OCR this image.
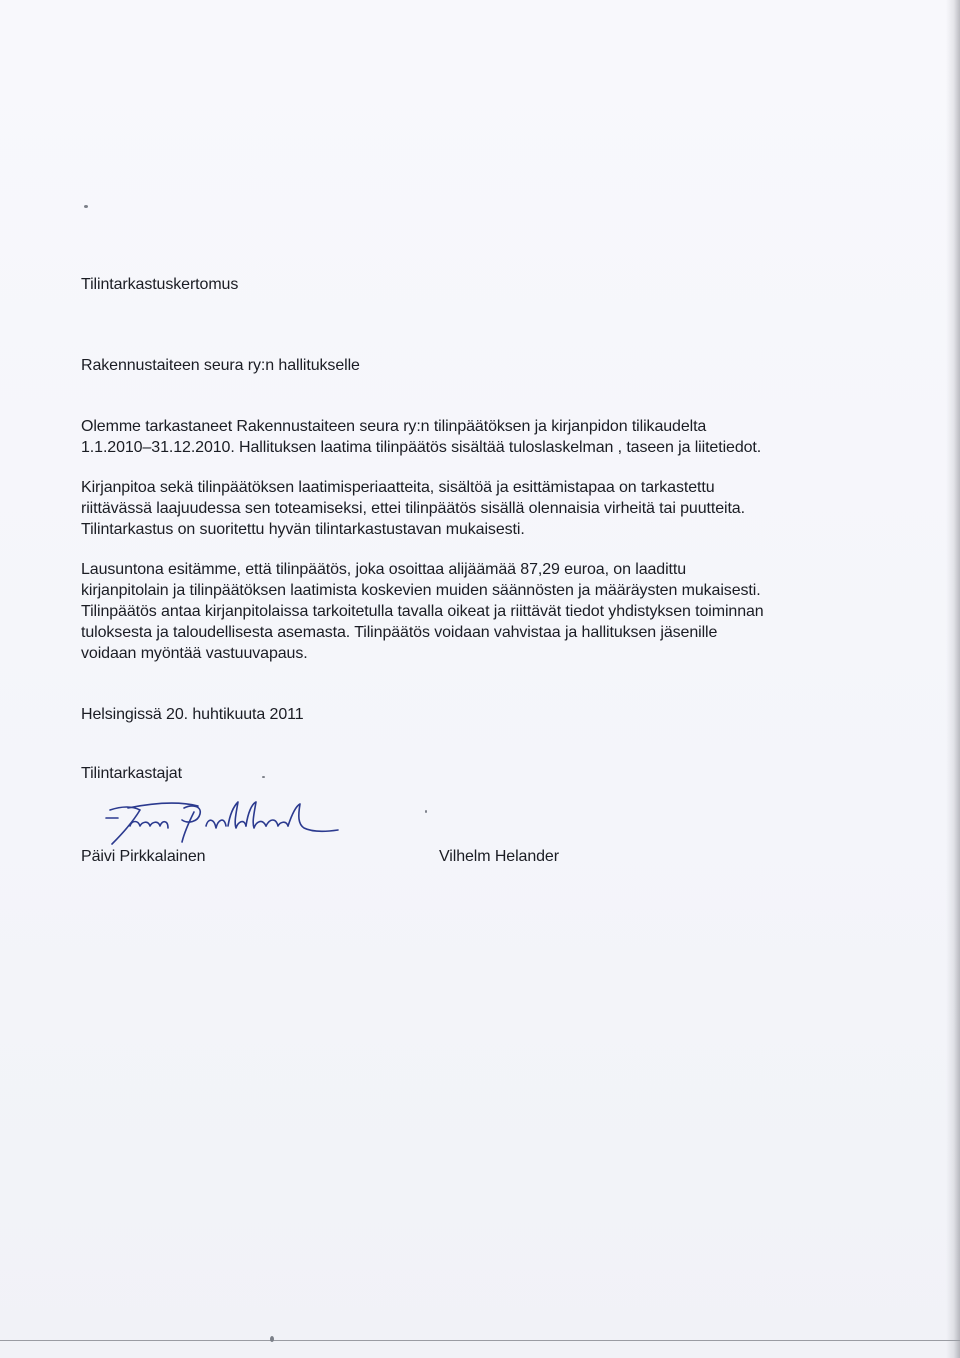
Tilintarkastuskertomus
Rakennustaiteen seura ry:n hallitukselle
Olemme tarkastaneet Rakennustaiteen seura ry:n tilinpäätöksen ja kirjanpidon tilikaudelta
1.1.2010–31.12.2010. Hallituksen laatima tilinpäätös sisältää tuloslaskelman , taseen ja liitetiedot.
Kirjanpitoa sekä tilinpäätöksen laatimisperiaatteita, sisältöä ja esittämistapaa on tarkastettu
riittävässä laajuudessa sen toteamiseksi, ettei tilinpäätös sisällä olennaisia virheitä tai puutteita.
Tilintarkastus on suoritettu hyvän tilintarkastustavan mukaisesti.
Lausuntona esitämme, että tilinpäätös, joka osoittaa alijäämää 87,29 euroa, on laadittu
kirjanpitolain ja tilinpäätöksen laatimista koskevien muiden säännösten ja määräysten mukaisesti.
Tilinpäätös antaa kirjanpitolaissa tarkoitetulla tavalla oikeat ja riittävät tiedot yhdistyksen toiminnan
tuloksesta ja taloudellisesta asemasta. Tilinpäätös voidaan vahvistaa ja hallituksen jäsenille
voidaan myöntää vastuuvapaus.
Helsingissä 20. huhtikuuta 2011
Tilintarkastajat
Päivi Pirkkalainen	Vilhelm Helander
